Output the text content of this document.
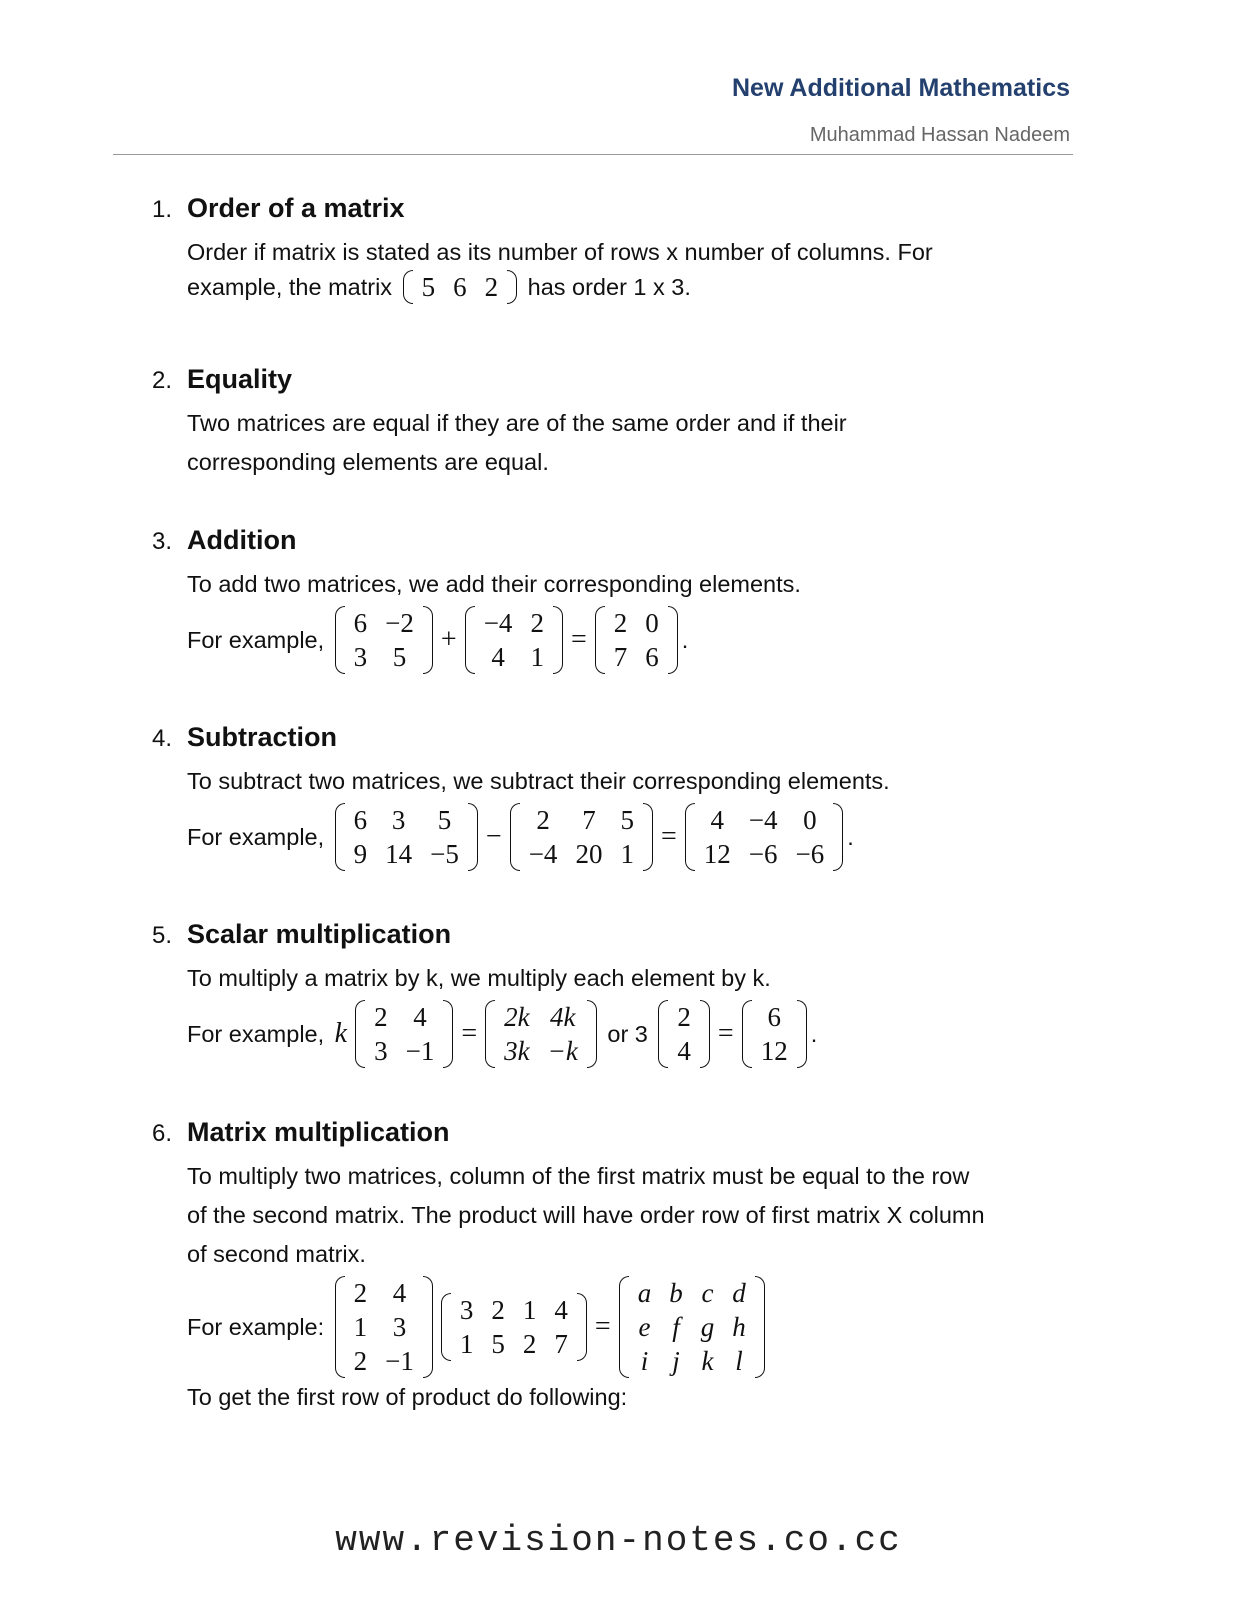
New Additional Mathematics
Muhammad Hassan Nadeem
1. Order of a matrix
Order if matrix is stated as its number of rows x number of columns. For
example, the matrix 5	6	2 has order 1 x 3.
2. Equality
Two matrices are equal if they are of the same order and if their
corresponding elements are equal.
3. Addition
To add two matrices, we add their corresponding elements.
For example,
6	−2
3	5
+
−4	2
4	1
=
2	0
7	6
.
4. Subtraction
To subtract two matrices, we subtract their corresponding elements.
For example,
6	3	5
9	14	−5
−
2	7	5
−4	20	1
=
4	−4	0
12	−6	−6
.
5. Scalar multiplication
To multiply a matrix by k, we multiply each element by k.
For example, k
2	4
3	−1
=
2k	4k
3k	−k
or 3
2
4
=
6
12
.
6. Matrix multiplication
To multiply two matrices, column of the first matrix must be equal to the row
of the second matrix. The product will have order row of first matrix X column
of second matrix.
For example:
2	4
1	3
2	−1
3	2	1	4
1	5	2	7
=
a	b	c	d
e	f	g	h
i	j	k	l
To get the first row of product do following:
www.revision-notes.co.cc
